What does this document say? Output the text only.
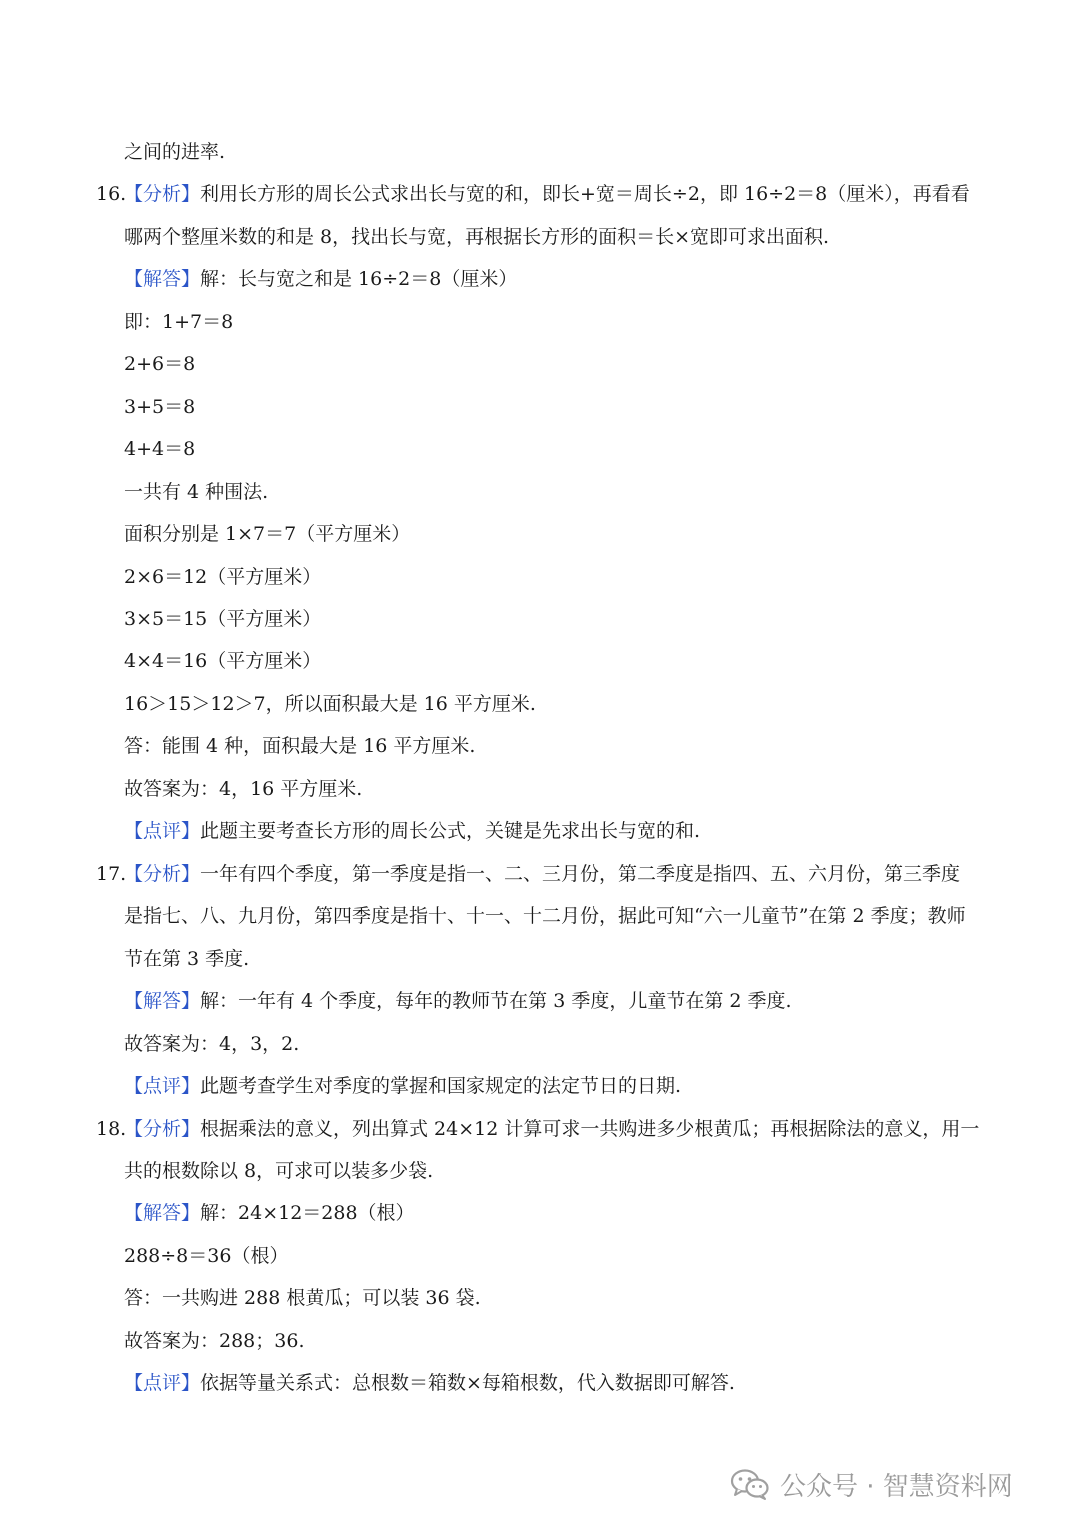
之间的进率.
16.
【分析】利用长方形的周长公式求出长与宽的和，即长+宽＝周长÷2，即 16÷2＝8（厘米），再看看
哪两个整厘米数的和是 8，找出长与宽，再根据长方形的面积＝长×宽即可求出面积.
【解答】解：长与宽之和是 16÷2＝8（厘米）
即：1+7＝8
2+6＝8
3+5＝8
4+4＝8
一共有 4 种围法.
面积分别是 1×7＝7（平方厘米）
2×6＝12（平方厘米）
3×5＝15（平方厘米）
4×4＝16（平方厘米）
16＞15＞12＞7，所以面积最大是 16 平方厘米.
答：能围 4 种，面积最大是 16 平方厘米.
故答案为：4，16 平方厘米.
【点评】此题主要考查长方形的周长公式，关键是先求出长与宽的和.
17.
【分析】一年有四个季度，第一季度是指一、二、三月份，第二季度是指四、五、六月份，第三季度
是指七、八、九月份，第四季度是指十、十一、十二月份，据此可知“六一儿童节”在第 2 季度；教师
节在第 3 季度.
【解答】解：一年有 4 个季度，每年的教师节在第 3 季度，儿童节在第 2 季度.
故答案为：4，3，2.
【点评】此题考查学生对季度的掌握和国家规定的法定节日的日期.
18.
【分析】根据乘法的意义，列出算式 24×12 计算可求一共购进多少根黄瓜；再根据除法的意义，用一
共的根数除以 8，可求可以装多少袋.
【解答】解：24×12＝288（根）
288÷8＝36（根）
答：一共购进 288 根黄瓜；可以装 36 袋.
故答案为：288；36.
【点评】依据等量关系式：总根数＝箱数×每箱根数，代入数据即可解答.
公众号 · 智慧资料网
